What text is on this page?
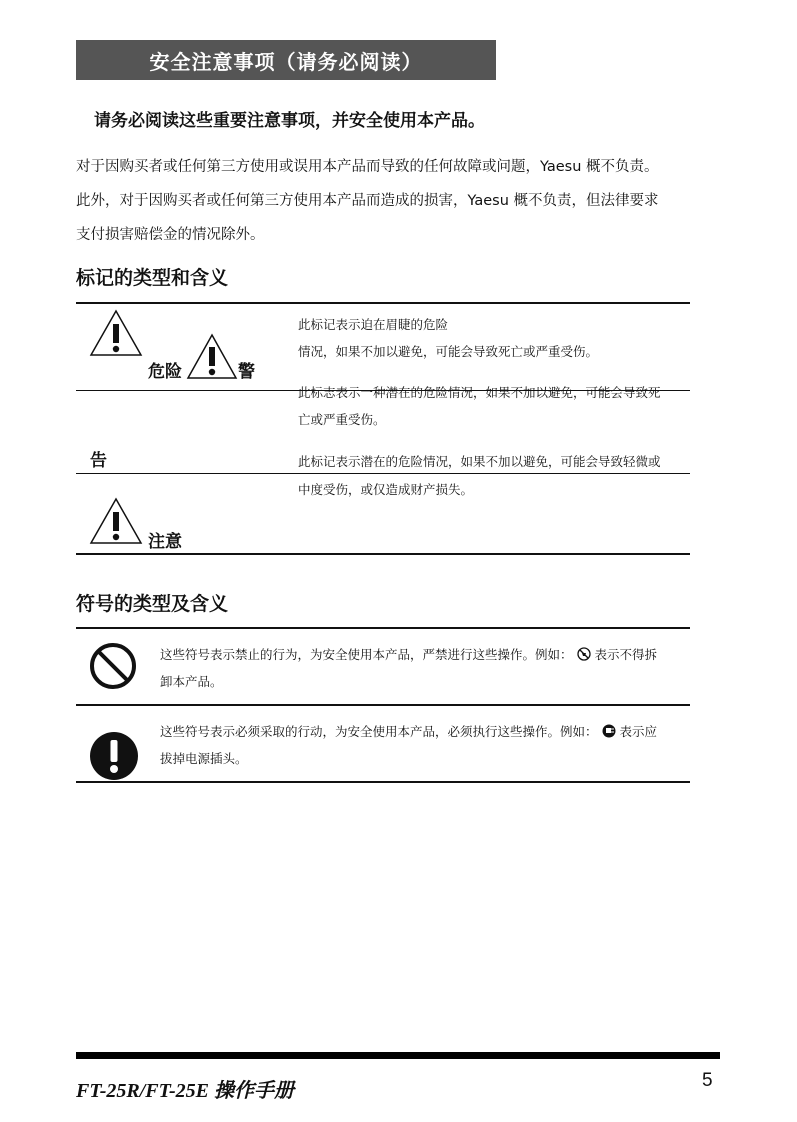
安全注意事项（请务必阅读）
请务必阅读这些重要注意事项，并安全使用本产品。

对于因购买者或任何第三方使用或误用本产品而导致的任何故障或问题，Yaesu 概不负责。

此外，对于因购买者或任何第三方使用本产品而造成的损害，Yaesu 概不负责，但法律要求

支付损害赔偿金的情况除外。

标记的类型和含义
危险	警
告
注意
此标记表示迫在眉睫的危险
情况，如果不加以避免，可能会导致死亡或严重受伤。
此标志表示一种潜在的危险情况，如果不加以避免，可能会导致死
亡或严重受伤。
此标记表示潜在的危险情况，如果不加以避免，可能会导致轻微或
中度受伤，或仅造成财产损失。
符号的类型及含义
这些符号表示禁止的行为，为安全使用本产品，严禁进行这些操作。例如： 表示不得拆
卸本产品。
这些符号表示必须采取的行动，为安全使用本产品，必须执行这些操作。例如： 表示应
拔掉电源插头。
FT-25R/FT-25E 操作手册	5
